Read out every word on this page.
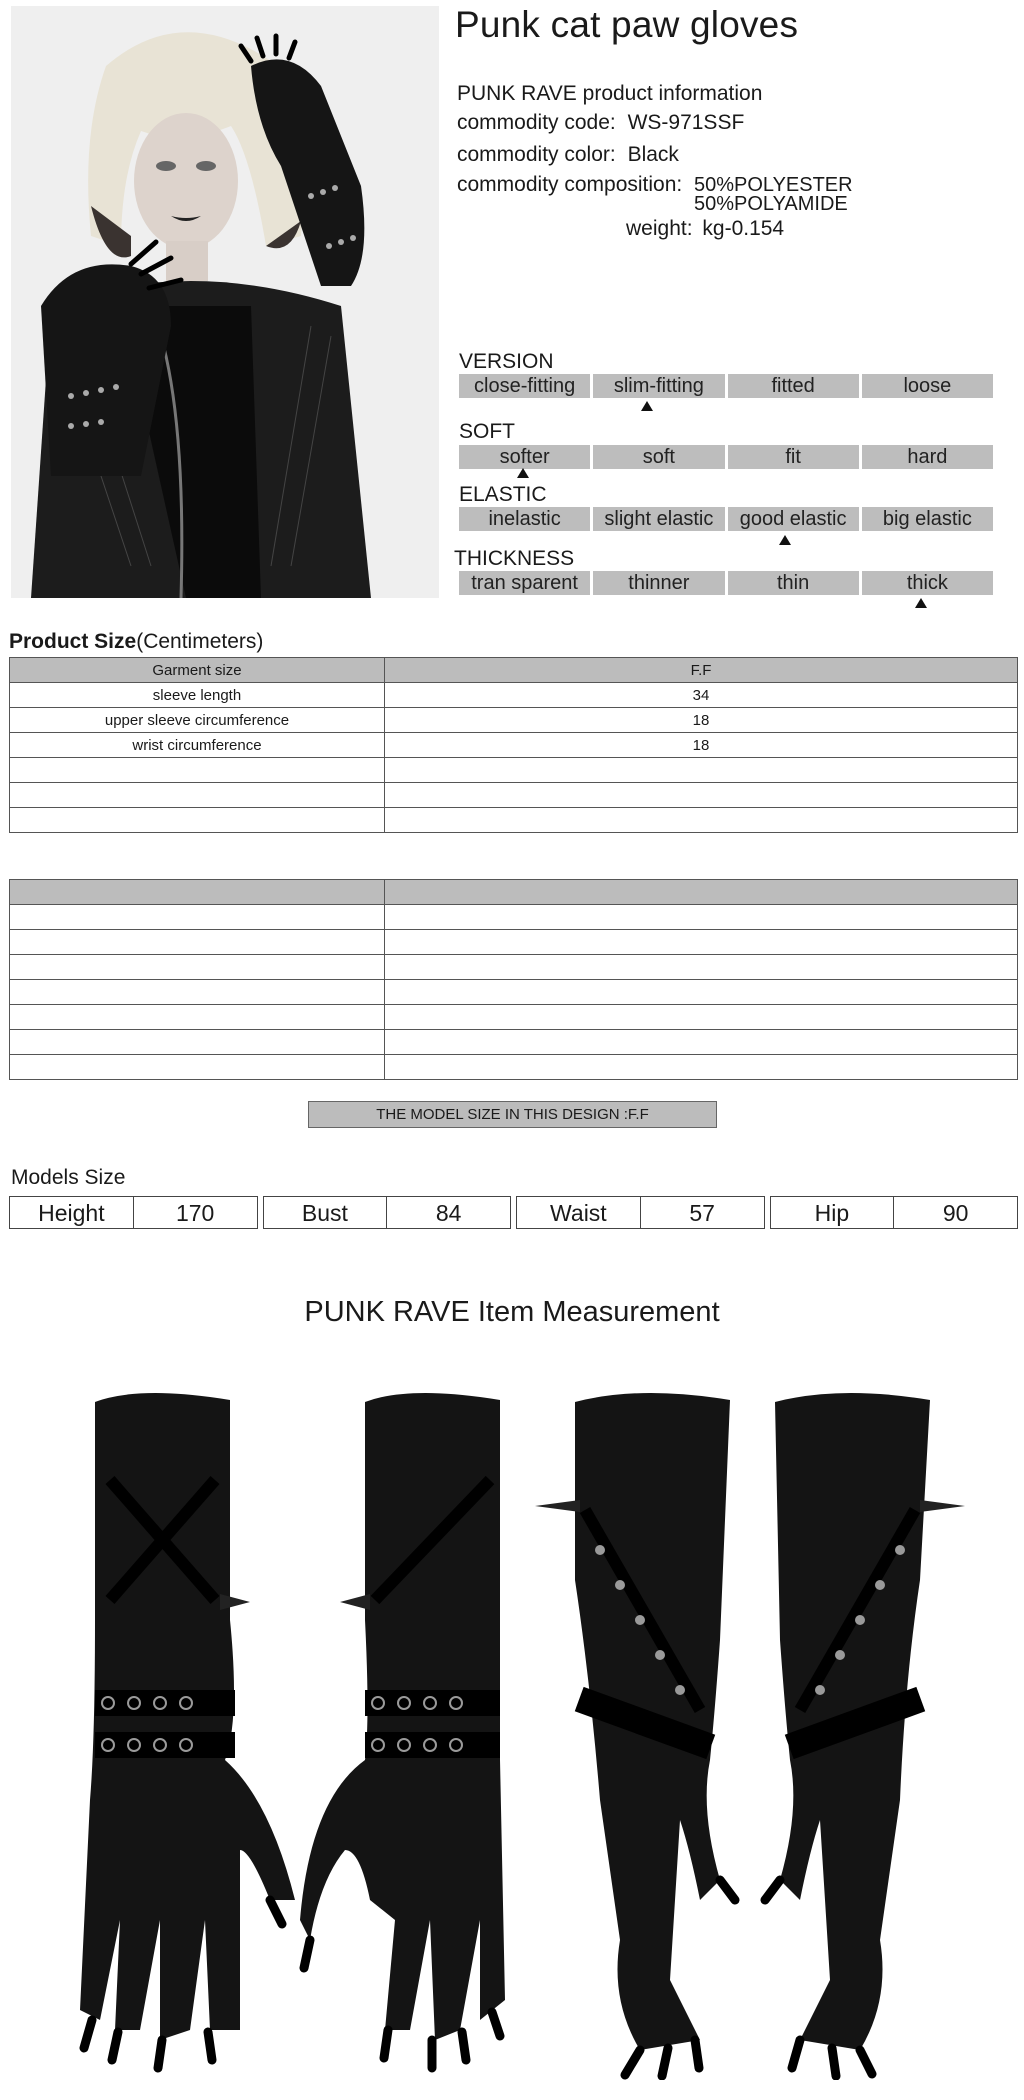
Punk cat paw gloves
PUNK RAVE product information
commodity code: WS-971SSF
commodity color: Black
commodity composition: 50%POLYESTER
50%POLYAMIDE
weight: kg-0.154
VERSION
close-fitting	slim-fitting	fitted	loose
SOFT
softer	soft	fit	hard
ELASTIC
inelastic	slight elastic	good elastic	big elastic
THICKNESS
tran sparent	thinner	thin	thick
Product Size(Centimeters)
Garment size	F.F
sleeve length	34
upper sleeve circumference	18
wrist circumference	18

THE MODEL SIZE IN THIS DESIGN :F.F
Models Size
Height	170	Bust	84	Waist	57	Hip	90
PUNK RAVE Item Measurement
